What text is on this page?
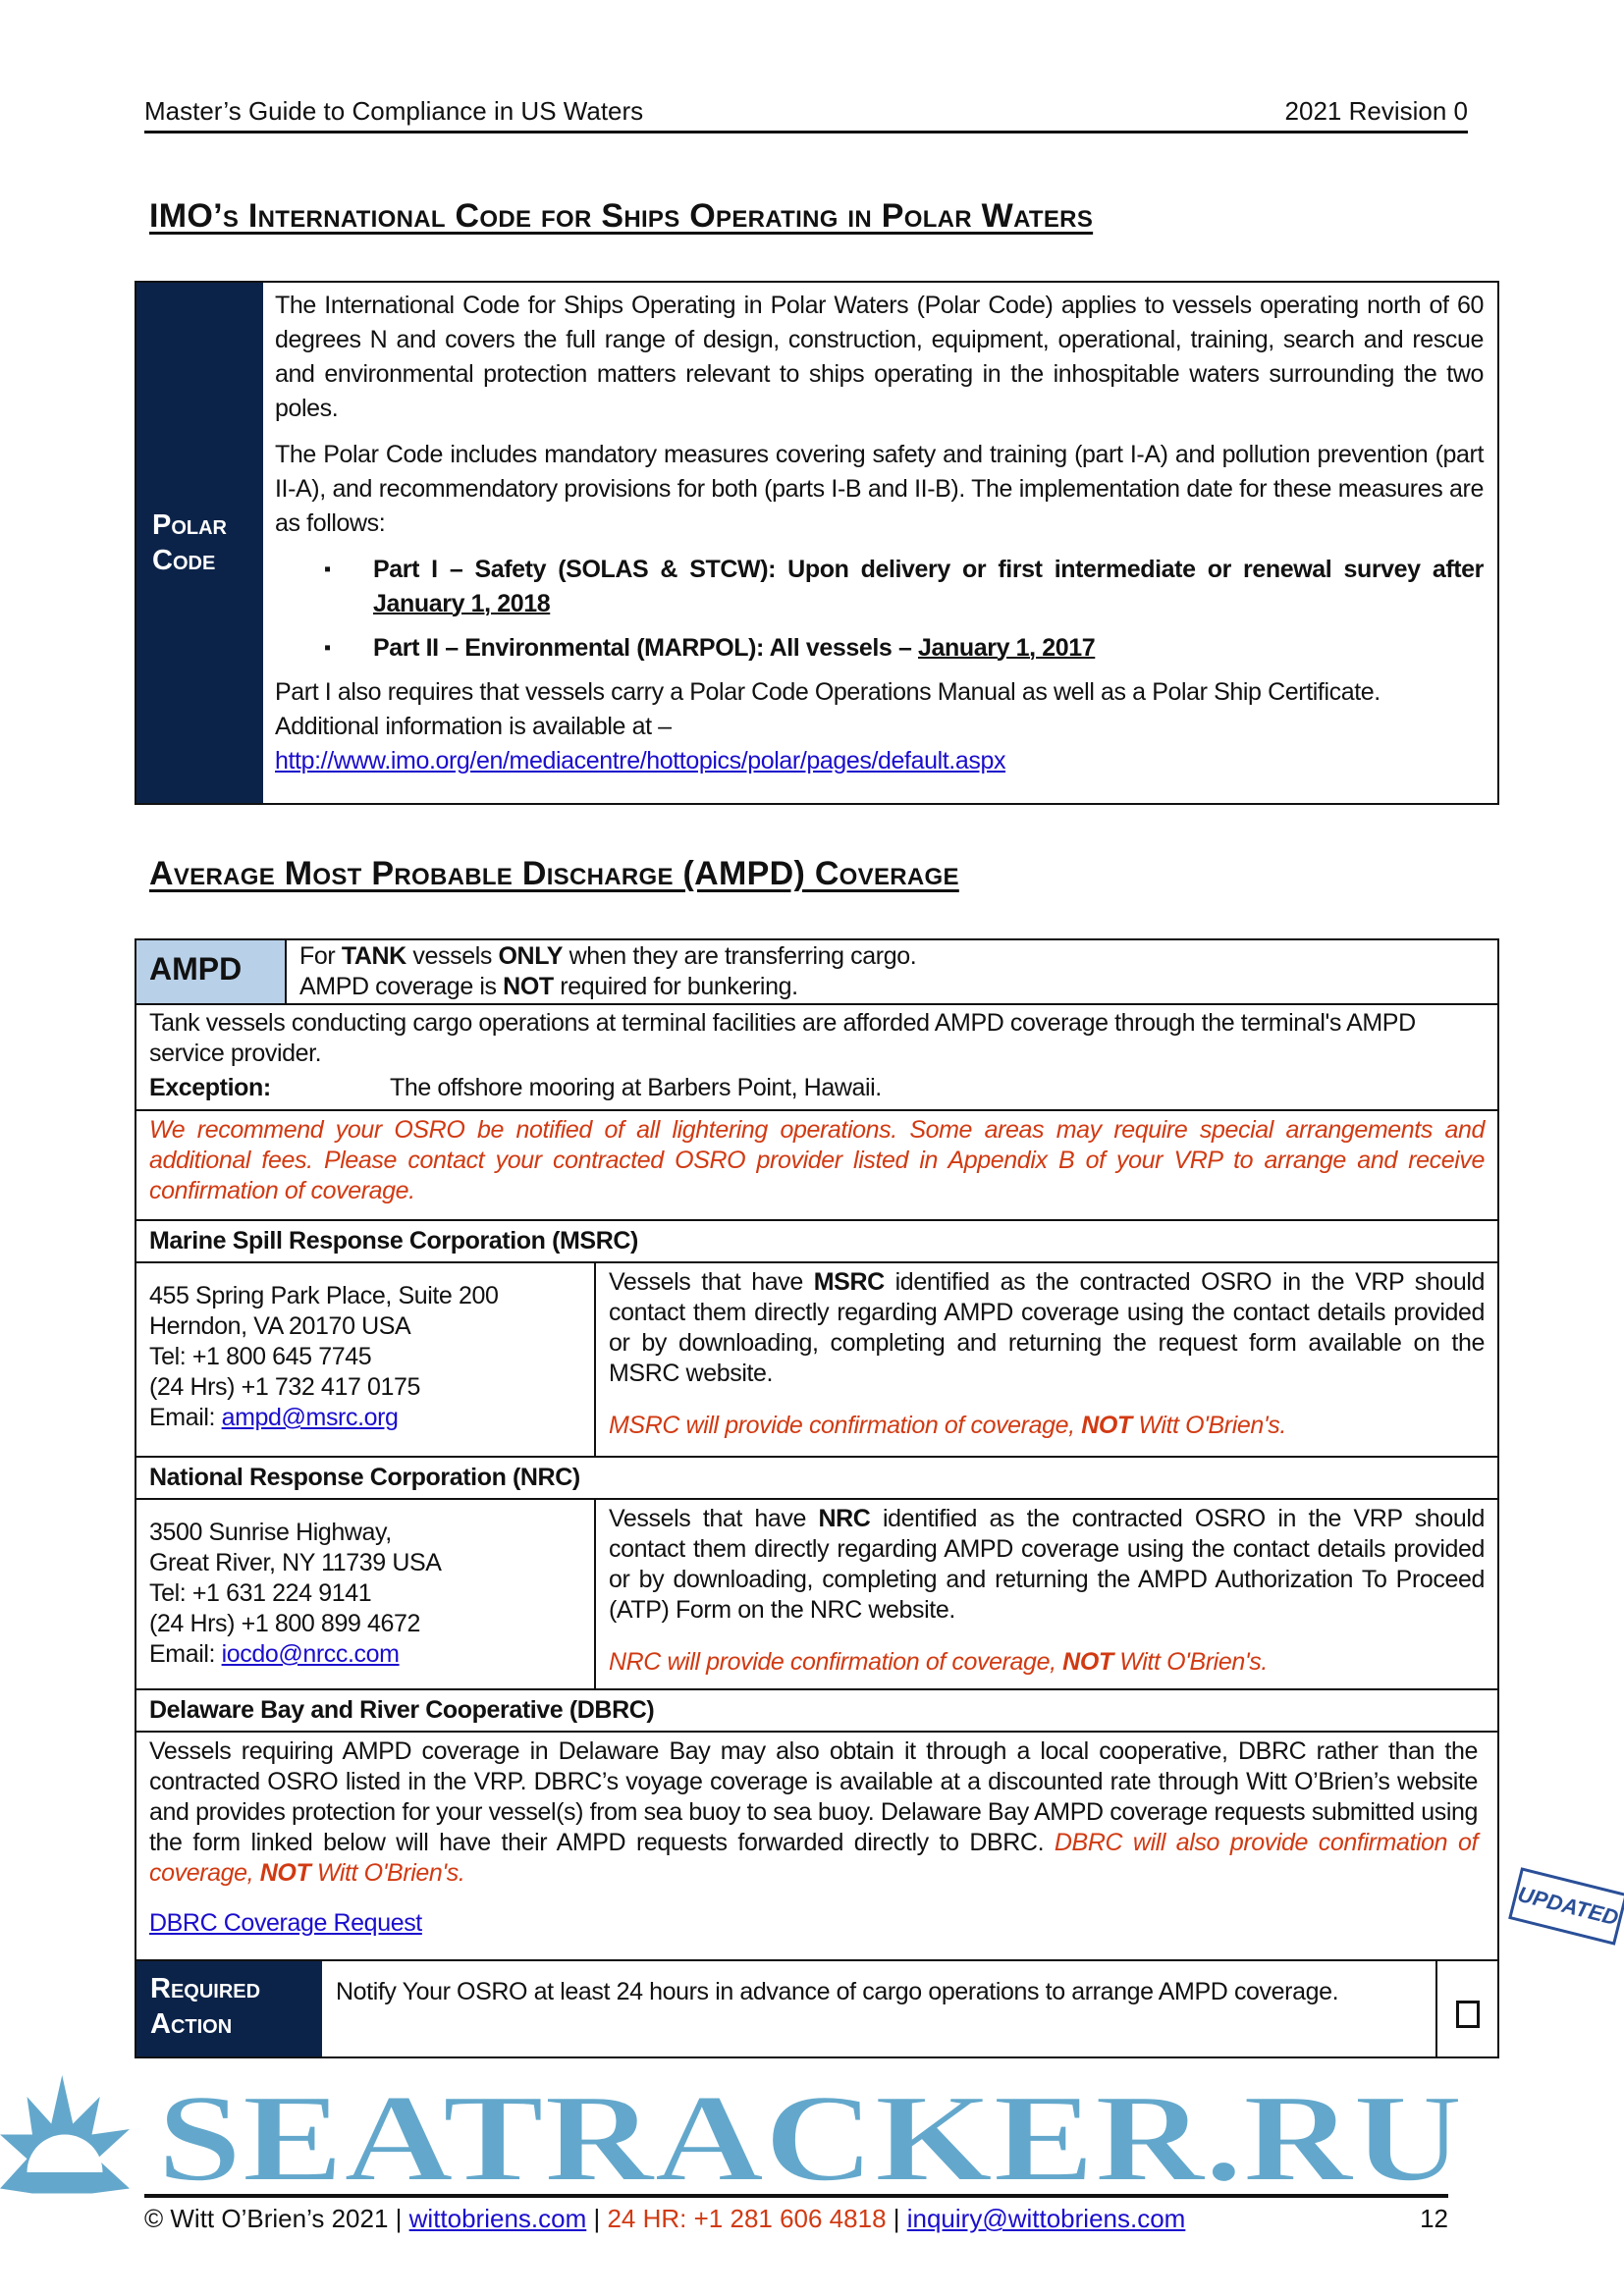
Master’s Guide to Compliance in US Waters	2021 Revision 0
IMO’s International Code for Ships Operating in Polar Waters
Polar
Code

The International Code for Ships Operating in Polar Waters (Polar Code) applies to vessels operating north of 60 degrees N and covers the full range of design, construction, equipment, operational, training, search and rescue and environmental protection matters relevant to ships operating in the inhospitable waters surrounding the two poles.

The Polar Code includes mandatory measures covering safety and training (part I-A) and pollution prevention (part II-A), and recommendatory provisions for both (parts I-B and II-B). The implementation date for these measures are as follows:

▪ Part I – Safety (SOLAS & STCW): Upon delivery or first intermediate or renewal survey after January 1, 2018
▪ Part II – Environmental (MARPOL): All vessels – January 1, 2017

Part I also requires that vessels carry a Polar Code Operations Manual as well as a Polar Ship Certificate. Additional information is available at –
http://www.imo.org/en/mediacentre/hottopics/polar/pages/default.aspx

Average Most Probable Discharge (AMPD) Coverage
AMPD	For TANK vessels ONLY when they are transferring cargo.
AMPD coverage is NOT required for bunkering.
Tank vessels conducting cargo operations at terminal facilities are afforded AMPD coverage through the terminal's AMPD service provider.
Exception:	The offshore mooring at Barbers Point, Hawaii.
We recommend your OSRO be notified of all lightering operations. Some areas may require special arrangements and additional fees. Please contact your contracted OSRO provider listed in Appendix B of your VRP to arrange and receive confirmation of coverage.
Marine Spill Response Corporation (MSRC)
455 Spring Park Place, Suite 200
Herndon, VA 20170 USA
Tel: +1 800 645 7745
(24 Hrs) +1 732 417 0175
Email: ampd@msrc.org
Vessels that have MSRC identified as the contracted OSRO in the VRP should contact them directly regarding AMPD coverage using the contact details provided or by downloading, completing and returning the request form available on the MSRC website.
MSRC will provide confirmation of coverage, NOT Witt O'Brien's.
National Response Corporation (NRC)
3500 Sunrise Highway,
Great River, NY 11739 USA
Tel: +1 631 224 9141
(24 Hrs) +1 800 899 4672
Email: iocdo@nrcc.com
Vessels that have NRC identified as the contracted OSRO in the VRP should contact them directly regarding AMPD coverage using the contact details provided or by downloading, completing and returning the AMPD Authorization To Proceed (ATP) Form on the NRC website.
NRC will provide confirmation of coverage, NOT Witt O'Brien's.
Delaware Bay and River Cooperative (DBRC)
Vessels requiring AMPD coverage in Delaware Bay may also obtain it through a local cooperative, DBRC rather than the contracted OSRO listed in the VRP. DBRC’s voyage coverage is available at a discounted rate through Witt O’Brien’s website and provides protection for your vessel(s) from sea buoy to sea buoy. Delaware Bay AMPD coverage requests submitted using the form linked below will have their AMPD requests forwarded directly to DBRC. DBRC will also provide confirmation of coverage, NOT Witt O'Brien's.
DBRC Coverage Request	UPDATED
Required
Action
Notify Your OSRO at least 24 hours in advance of cargo operations to arrange AMPD coverage.
SEATRACKER.RU
© Witt O’Brien’s 2021 | wittobriens.com | 24 HR: +1 281 606 4818 | inquiry@wittobriens.com	12
